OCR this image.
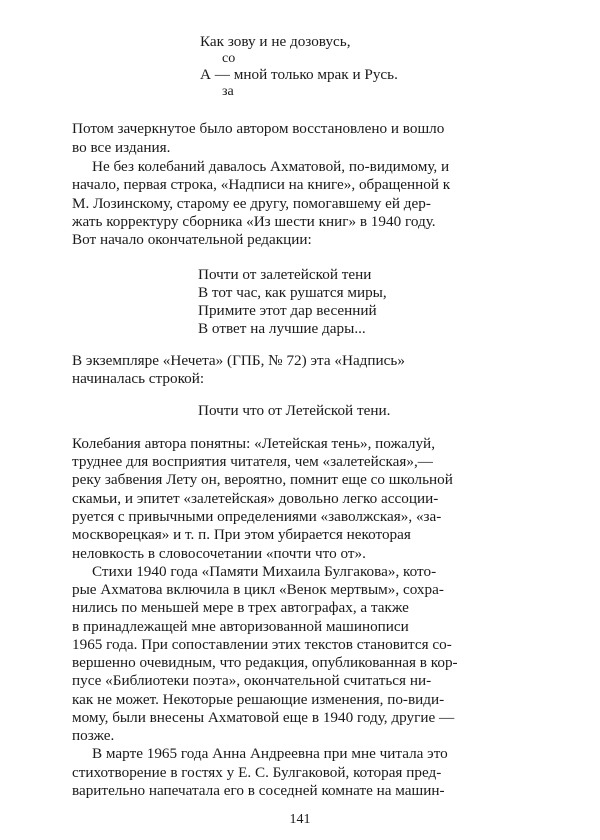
Как зову и не дозовусь,
со
А — мной только мрак и Русь.
за
Потом зачеркнутое было автором восстановлено и вошло
во все издания.
Не без колебаний давалось Ахматовой, по-видимому, и
начало, первая строка, «Надписи на книге», обращенной к
М. Лозинскому, старому ее другу, помогавшему ей дер-
жать корректуру сборника «Из шести книг» в 1940 году.
Вот начало окончательной редакции:
Почти от залетейской тени
В тот час, как рушатся миры,
Примите этот дар весенний
В ответ на лучшие дары...
В экземпляре «Нечета» (ГПБ, № 72) эта «Надпись»
начиналась строкой:
Почти что от Летейской тени.
Колебания автора понятны: «Летейская тень», пожалуй,
труднее для восприятия читателя, чем «залетейская»,—
реку забвения Лету он, вероятно, помнит еще со школьной
скамьи, и эпитет «залетейская» довольно легко ассоции-
руется с привычными определениями «заволжская», «за-
москворецкая» и т. п. При этом убирается некоторая
неловкость в словосочетании «почти что от».
Стихи 1940 года «Памяти Михаила Булгакова», кото-
рые Ахматова включила в цикл «Венок мертвым», сохра-
нились по меньшей мере в трех автографах, а также
в принадлежащей мне авторизованной машинописи
1965 года. При сопоставлении этих текстов становится со-
вершенно очевидным, что редакция, опубликованная в кор-
пусе «Библиотеки поэта», окончательной считаться ни-
как не может. Некоторые решающие изменения, по-види-
мому, были внесены Ахматовой еще в 1940 году, другие —
позже.
В марте 1965 года Анна Андреевна при мне читала это
стихотворение в гостях у Е. С. Булгаковой, которая пред-
варительно напечатала его в соседней комнате на машин-
141
